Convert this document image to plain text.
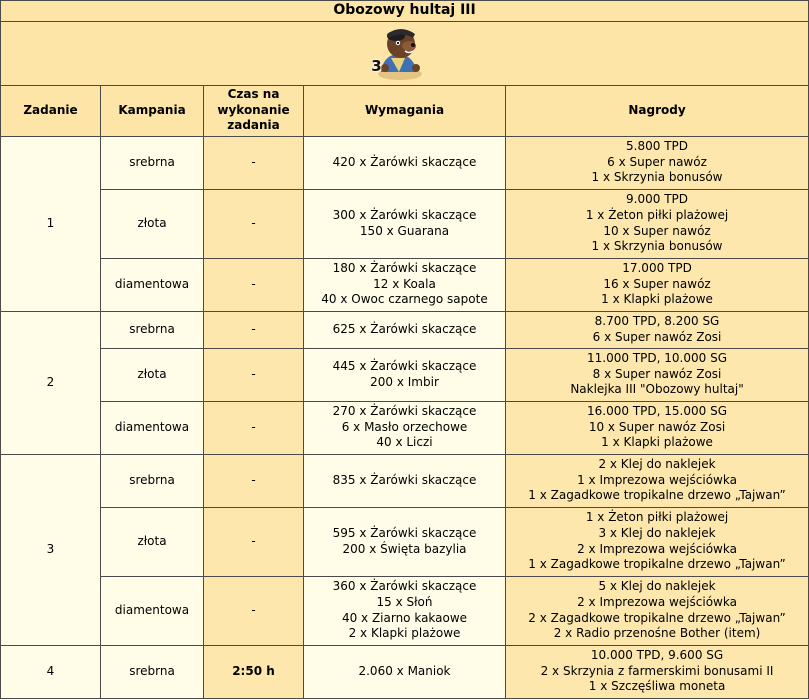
Obozowy hultaj III				
3				
Zadanie	Kampania	Czas na
wykonanie
zadania	Wymagania	Nagrody
1	srebrna	-	420 x Żarówki skaczące	5.800 TPD
6 x Super nawóz
1 x Skrzynia bonusów

	złota	-	300 x Żarówki skaczące
150 x Guarana	9.000 TPD
1 x Żeton piłki plażowej
10 x Super nawóz
1 x Skrzynia bonusów

	diamentowa	-	180 x Żarówki skaczące
12 x Koala
40 x Owoc czarnego sapote	17.000 TPD
16 x Super nawóz
1 x Klapki plażowe

2	srebrna	-	625 x Żarówki skaczące	8.700 TPD, 8.200 SG
6 x Super nawóz Zosi

	złota	-	445 x Żarówki skaczące
200 x Imbir	11.000 TPD, 10.000 SG
8 x Super nawóz Zosi
Naklejka III "Obozowy hultaj"

	diamentowa	-	270 x Żarówki skaczące
6 x Masło orzechowe
40 x Liczi	16.000 TPD, 15.000 SG
10 x Super nawóz Zosi
1 x Klapki plażowe

3	srebrna	-	835 x Żarówki skaczące	2 x Klej do naklejek
1 x Imprezowa wejściówka
1 x Zagadkowe tropikalne drzewo „Tajwan”

	złota	-	595 x Żarówki skaczące
200 x Święta bazylia	1 x Żeton piłki plażowej
3 x Klej do naklejek
2 x Imprezowa wejściówka
1 x Zagadkowe tropikalne drzewo „Tajwan”

	diamentowa	-	360 x Żarówki skaczące
15 x Słoń
40 x Ziarno kakaowe
2 x Klapki plażowe	5 x Klej do naklejek
2 x Imprezowa wejściówka
2 x Zagadkowe tropikalne drzewo „Tajwan”
2 x Radio przenośne Bother (item)

4	srebrna	2:50 h	2.060 x Maniok	10.000 TPD, 9.600 SG
2 x Skrzynia z farmerskimi bonusami II
1 x Szczęśliwa moneta
